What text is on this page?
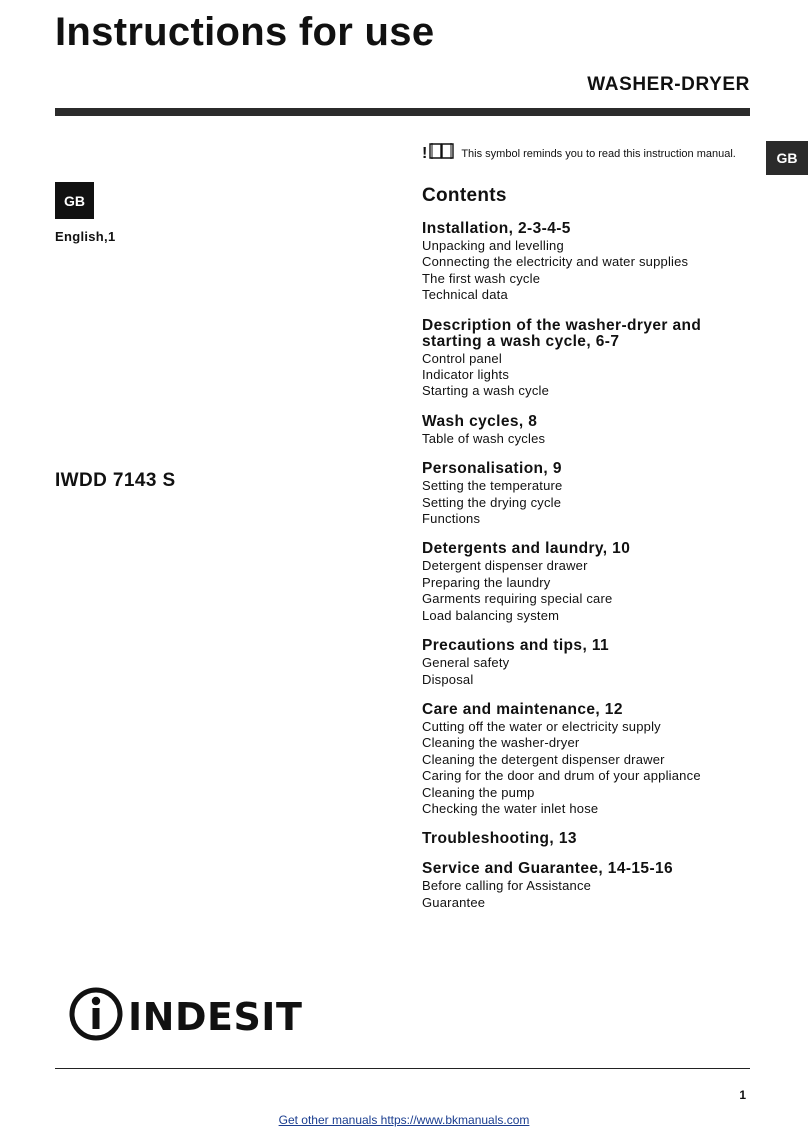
Instructions for use
WASHER-DRYER
GB
GB
English,1
IWDD 7143 S
!	This symbol reminds you to read this instruction manual.
Contents
Installation, 2-3-4-5
Unpacking and levelling
Connecting the electricity and water supplies
The first wash cycle
Technical data
Description of the washer-dryer and starting a wash cycle, 6-7
Control panel
Indicator lights
Starting a wash cycle
Wash cycles, 8
Table of wash cycles
Personalisation, 9
Setting the temperature
Setting the drying cycle
Functions
Detergents and laundry, 10
Detergent dispenser drawer
Preparing the laundry
Garments requiring special care
Load balancing system
Precautions and tips, 11
General safety
Disposal
Care and maintenance, 12
Cutting off the water or electricity supply
Cleaning the washer-dryer
Cleaning the detergent dispenser drawer
Caring for the door and drum of your appliance
Cleaning the pump
Checking the water inlet hose
Troubleshooting, 13
Service and Guarantee, 14-15-16
Before calling for Assistance
Guarantee
INDESIT
1
Get other manuals https://www.bkmanuals.com
